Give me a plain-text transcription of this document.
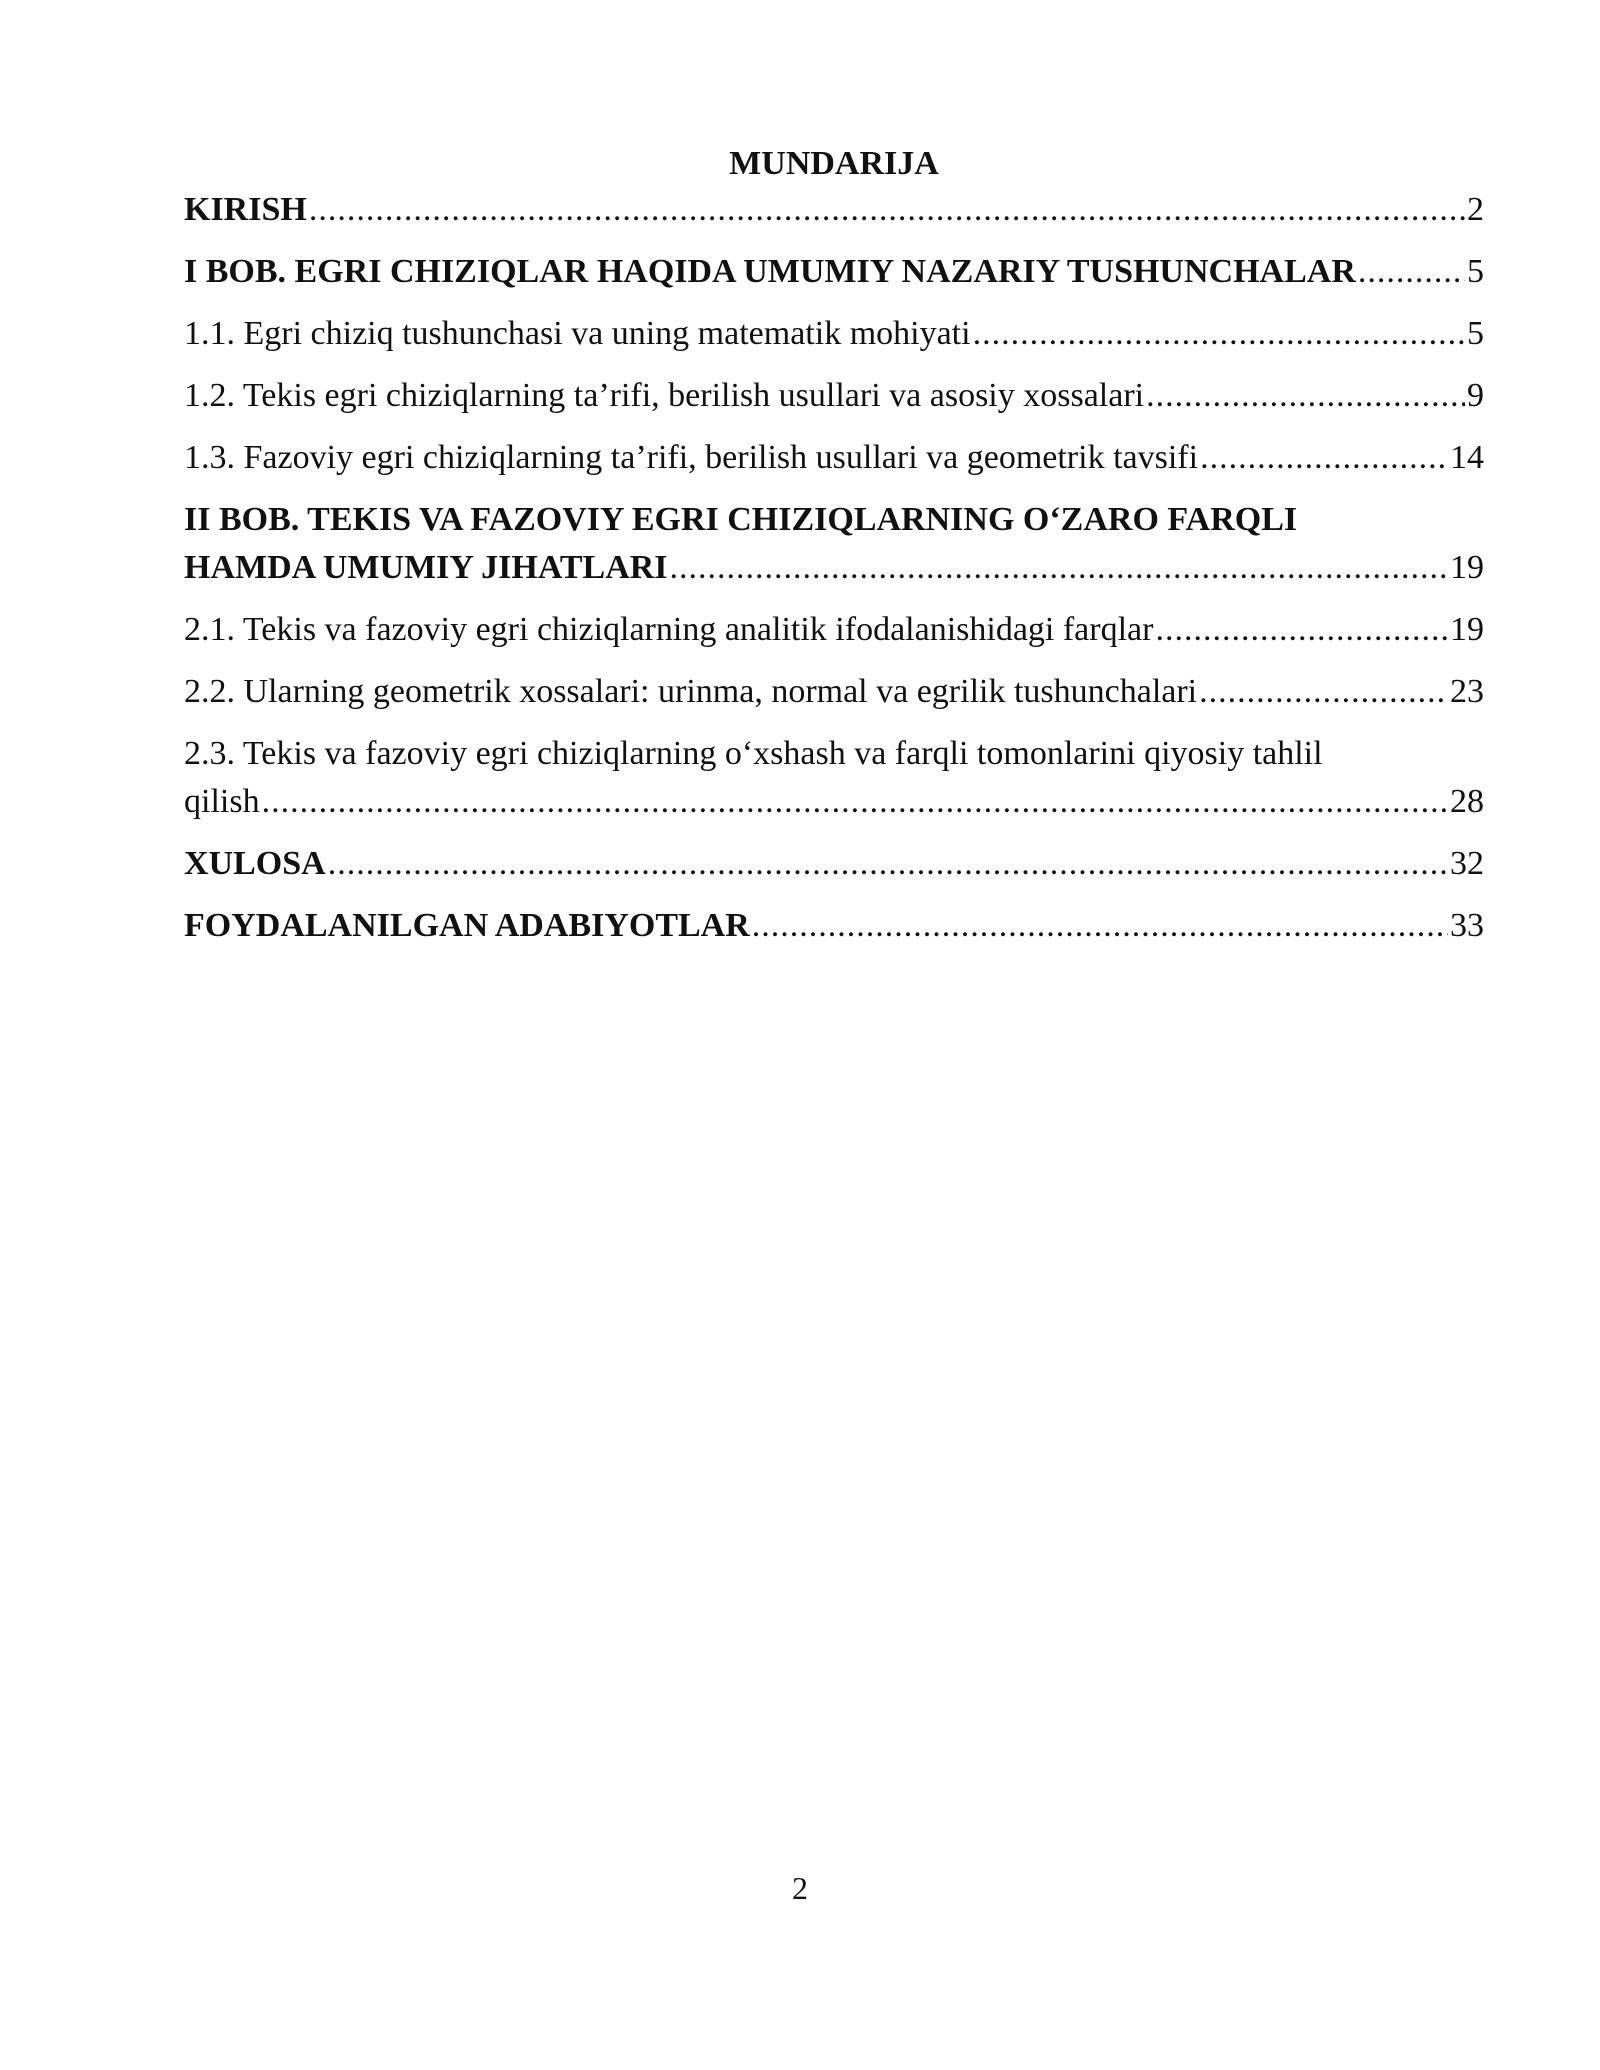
MUNDARIJA
KIRISH .....	2
I BOB. EGRI CHIZIQLAR HAQIDA UMUMIY NAZARIY TUSHUNCHALAR .....	5
1.1. Egri chiziq tushunchasi va uning matematik mohiyati .....	5
1.2. Tekis egri chiziqlarning ta’rifi, berilish usullari va asosiy xossalari .....	9
1.3. Fazoviy egri chiziqlarning ta’rifi, berilish usullari va geometrik tavsifi .....	14
II BOB. TEKIS VA FAZOVIY EGRI CHIZIQLARNING O‘ZARO FARQLI
HAMDA UMUMIY JIHATLARI .....	19
2.1. Tekis va fazoviy egri chiziqlarning analitik ifodalanishidagi farqlar .....	19
2.2. Ularning geometrik xossalari: urinma, normal va egrilik tushunchalari .....	23
2.3. Tekis va fazoviy egri chiziqlarning o‘xshash va farqli tomonlarini qiyosiy tahlil
qilish .....	28
XULOSA .....	32
FOYDALANILGAN ADABIYOTLAR .....	33
2
